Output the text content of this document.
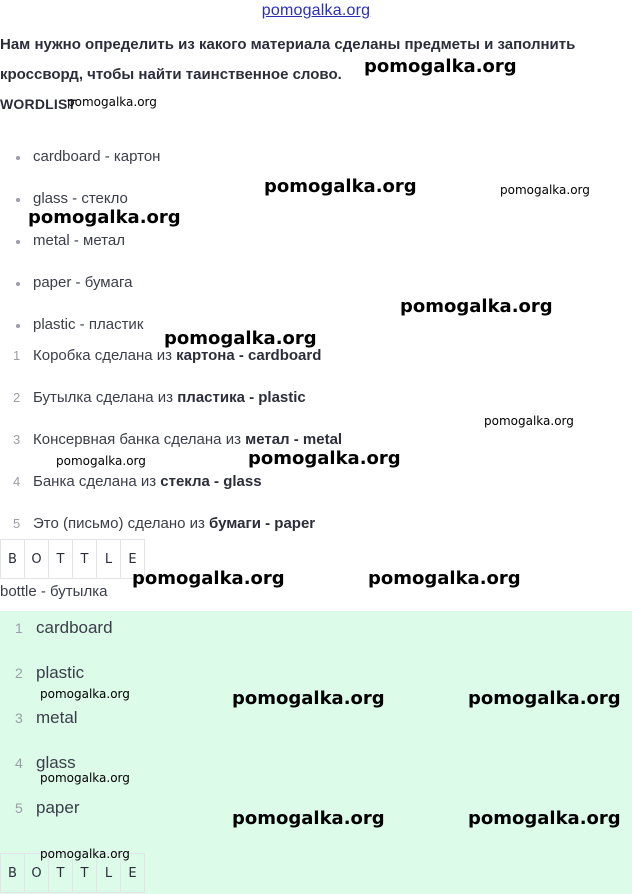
pomogalka.org

Нам нужно определить из какого материала сделаны предметы и заполнить

кроссворд, чтобы найти таинственное слово.

WORDLIST
cardboard - картон
glass - стекло
metal - метал
paper - бумага
plastic - пластик
1 Коробка сделана из картона - cardboard
2 Бутылка сделана из пластика - plastic
3 Консервная банка сделана из метал - metal
4 Банка сделана из стекла - glass
5 Это (письмо) сделано из бумаги - paper
B	O	T	T	L	E
bottle - бутылка
1 cardboard
2 plastic
3 metal
4 glass
5 paper
B	O	T	T	L	E
pomogalka.org
pomogalka.org
pomogalka.org	pomogalka.org
pomogalka.org
pomogalka.org
pomogalka.org
pomogalka.org
pomogalka.org	pomogalka.org
pomogalka.org	pomogalka.org
pomogalka.org	pomogalka.org	pomogalka.org
pomogalka.org
pomogalka.org	pomogalka.org
pomogalka.org
